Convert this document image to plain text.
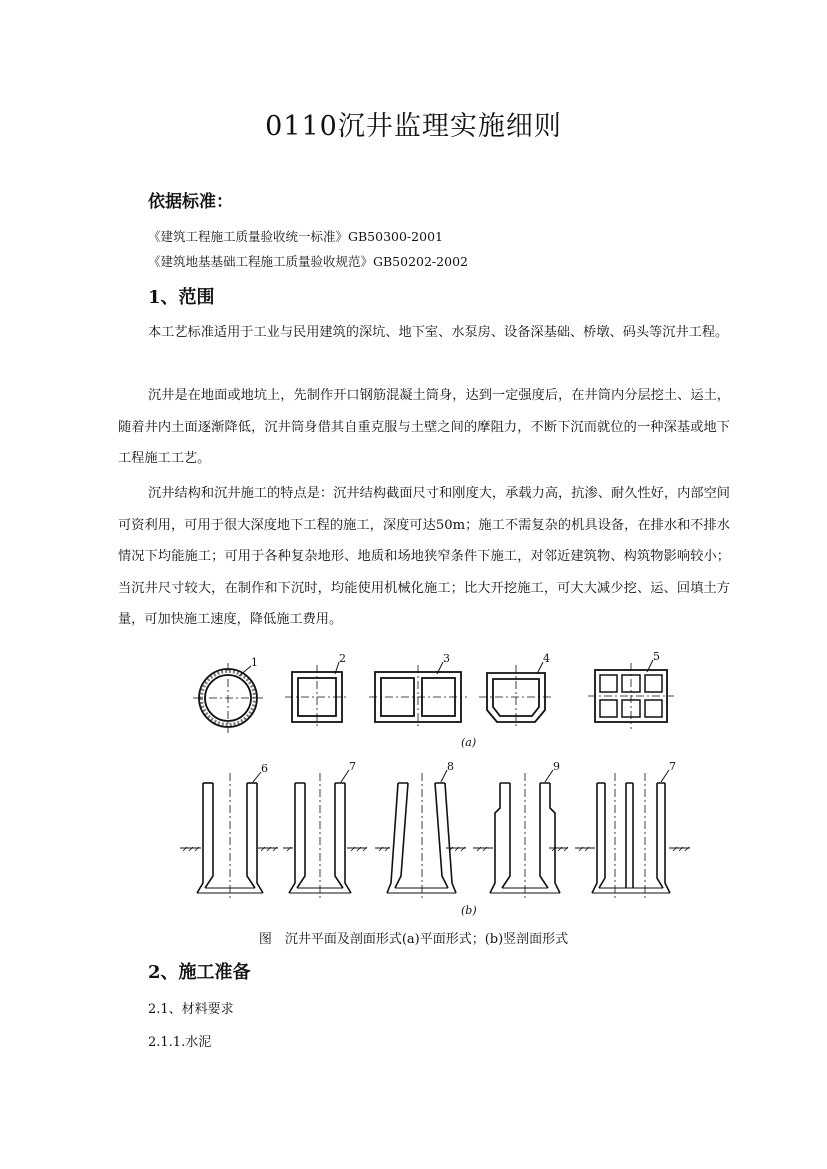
0110沉井监理实施细则
依据标准：
《建筑工程施工质量验收统一标准》GB50300-2001
《建筑地基基础工程施工质量验收规范》GB50202-2002
1、范围
本工艺标准适用于工业与民用建筑的深坑、地下室、水泵房、设备深基础、桥墩、码头等沉井工程。
沉井是在地面或地坑上，先制作开口钢筋混凝土筒身，达到一定强度后，在井筒内分层挖土、运土，随着井内土面逐渐降低，沉井筒身借其自重克服与土壁之间的摩阻力，不断下沉而就位的一种深基或地下工程施工工艺。
沉井结构和沉井施工的特点是：沉井结构截面尺寸和刚度大，承载力高，抗渗、耐久性好，内部空间可资利用，可用于很大深度地下工程的施工，深度可达50m；施工不需复杂的机具设备，在排水和不排水情况下均能施工；可用于各种复杂地形、地质和场地狭窄条件下施工，对邻近建筑物、构筑物影响较小；当沉井尺寸较大，在制作和下沉时，均能使用机械化施工；比大开挖施工，可大大减少挖、运、回填土方量，可加快施工速度，降低施工费用。
1	2	3	4	5
(a)
6	7	8	9	7
(b)
图　沉井平面及剖面形式(a)平面形式；(b)竖剖面形式
2、施工准备
2.1、材料要求
2.1.1.水泥
